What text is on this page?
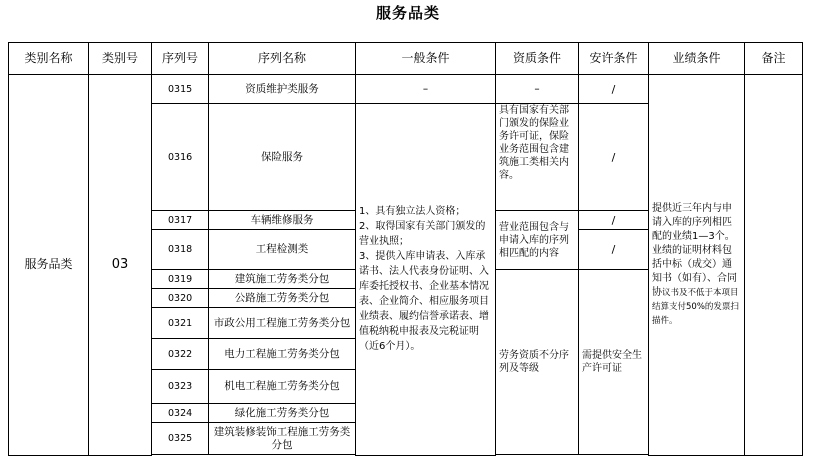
服务品类
类别名称	类别号	序列号	序列名称	一般条件	资质条件	安许条件	业绩条件	备注
服务品类	03	0315	资质维护类服务	–	–	/	提供近三年内与申请入库的序列相匹配的业绩1—3个。业绩的证明材料包括中标（成交）通知书（如有）、合同协议书及不低于本项目结算支付50%的发票扫描件。	
		0316	保险服务	1、具有独立法人资格；
2、取得国家有关部门颁发的营业执照；
3、提供入库申请表、入库承诺书、法人代表身份证明、入库委托授权书、企业基本情况表、企业简介、相应服务项目业绩表、履约信誉承诺表、增值税纳税申报表及完税证明（近6个月）。	具有国家有关部门颁发的保险业务许可证，保险业务范围包含建筑施工类相关内容。	/		
		0317	车辆维修服务		营业范围包含与申请入库的序列相匹配的内容	/		
		0318	工程检测类			/		
		0319	建筑施工劳务类分包		劳务资质不分序列及等级	需提供安全生产许可证		
		0320	公路施工劳务类分包					
		0321	市政公用工程施工劳务类分包					
		0322	电力工程施工劳务类分包					
		0323	机电工程施工劳务类分包					
		0324	绿化施工劳务类分包					
		0325	建筑装修装饰工程施工劳务类分包					
